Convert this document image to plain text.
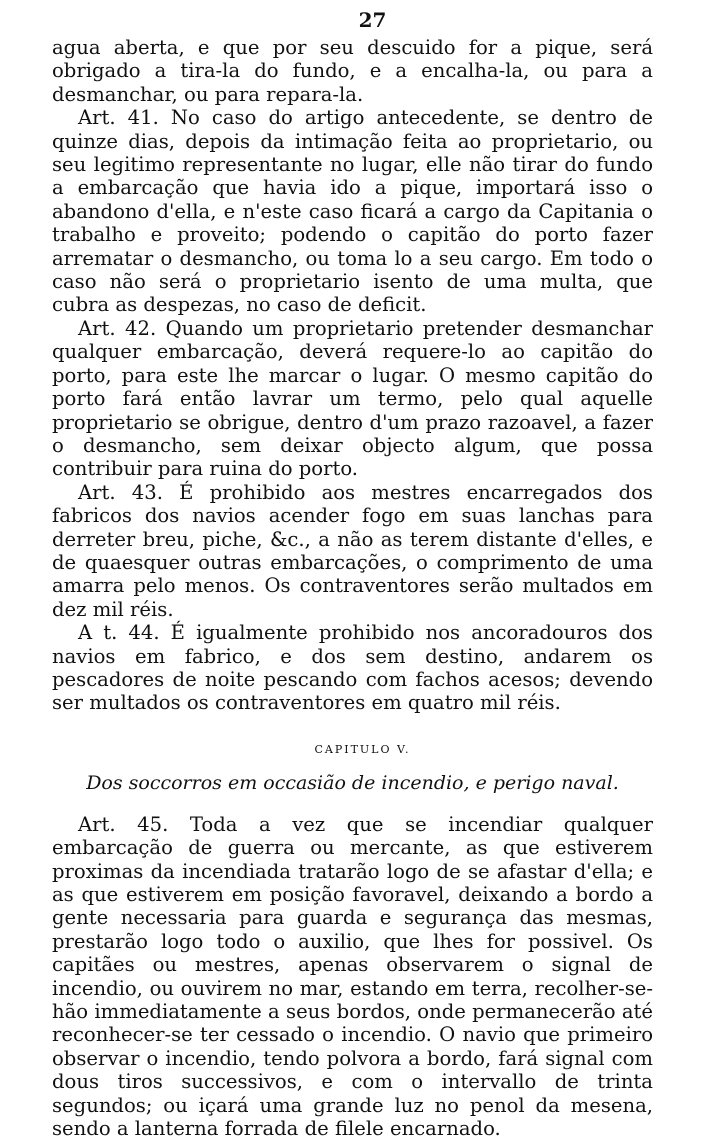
27

agua aberta, e que por seu descuido for a pique, será obrigado a tira-la do fundo, e a encalha-la, ou para a desmanchar, ou para repara-la.

Art. 41. No caso do artigo antecedente, se dentro de quinze dias, depois da intimação feita ao proprietario, ou seu legitimo representante no lugar, elle não tirar do fundo a embarcação que havia ido a pique, importará isso o abandono d'ella, e n'este caso ficará a cargo da Capitania o trabalho e proveito; podendo o capitão do porto fazer arrematar o desmancho, ou toma lo a seu cargo. Em todo o caso não será o proprietario isento de uma multa, que cubra as despezas, no caso de deficit.

Art. 42. Quando um proprietario pretender desmanchar qualquer embarcação, deverá requere-lo ao capitão do porto, para este lhe marcar o lugar. O mesmo capitão do porto fará então lavrar um termo, pelo qual aquelle proprietario se obrigue, dentro d'um prazo razoavel, a fazer o desmancho, sem deixar objecto algum, que possa contribuir para ruina do porto.

Art. 43. É prohibido aos mestres encarregados dos fabricos dos navios acender fogo em suas lanchas para derreter breu, piche, &c., a não as terem distante d'elles, e de quaesquer outras embarcações, o comprimento de uma amarra pelo menos. Os contraventores serão multados em dez mil réis.

A t. 44. É igualmente prohibido nos ancoradouros dos navios em fabrico, e dos sem destino, andarem os pescadores de noite pescando com fachos acesos; devendo ser multados os contraventores em quatro mil réis.

CAPITULO V.
Dos soccorros em occasião de incendio, e perigo naval.

Art. 45. Toda a vez que se incendiar qualquer embarcação de guerra ou mercante, as que estiverem proximas da incendiada tratarão logo de se afastar d'ella; e as que estiverem em posição favoravel, deixando a bordo a gente necessaria para guarda e segurança das mesmas, prestarão logo todo o auxilio, que lhes for possivel. Os capitães ou mestres, apenas observarem o signal de incendio, ou ouvirem no mar, estando em terra, recolher-se-hão immediatamente a seus bordos, onde permanecerão até reconhecer-se ter cessado o incendio. O navio que primeiro observar o incendio, tendo polvora a bordo, fará signal com dous tiros successivos, e com o intervallo de trinta segundos; ou içará uma grande luz no penol da mesena, sendo a lanterna forrada de filele encarnado.
